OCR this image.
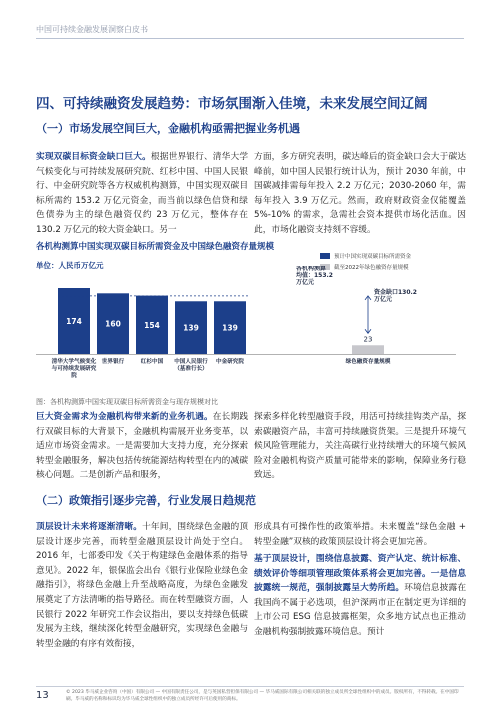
中国可持续金融发展洞察白皮书
四、可持续融资发展趋势：市场氛围渐入佳境，未来发展空间辽阔
（一）市场发展空间巨大，金融机构亟需把握业务机遇
实现双碳目标资金缺口巨大。根据世界银行、清华大学气候变化与可持续发展研究院、红杉中国、中国人民银行、中金研究院等各方权威机构测算，中国实现双碳目标所需约 153.2 万亿元资金，而当前以绿色信贷和绿色债券为主的绿色融资仅约 23 万亿元，整体存在 130.2 万亿元的较大资金缺口。另一
方面，多方研究表明，碳达峰后的资金缺口会大于碳达峰前，如中国人民银行统计认为，预计 2030 年前，中国碳减排需每年投入 2.2 万亿元；2030-2060 年，需每年投入 3.9 万亿元。然而，政府财政资金仅能覆盖 5%-10% 的需求，急需社会资本提供市场化活血。因此，市场化融资支持刻不容缓。
各机构测算中国实现双碳目标所需资金及中国绿色融资存量规模
单位：人民币万亿元
预计中国实现双碳目标所需资金
截至2022年绿色融资存量规模
174	160	154	139	139
各机构测算均值：153.2 万亿元
23
资金缺口130.2 万亿元
清华大学气候变化与可持续发展研究院
世界银行	红杉中国 中国人民银行（基准行长）
中金研究院	绿色融资存量规模
图：各机构测算中国实现双碳目标所需资金与现存规模对比
巨大资金需求为金融机构带来新的业务机遇。在长期践行双碳目标的大背景下，金融机构需展开业务变革，以适应市场资金需求。一是需要加大支持力度，充分探索转型金融服务，解决包括传统能源结构转型在内的减碳核心问题。二是创新产品和服务，
探索多样化转型融资手段，用活可持续挂钩类产品，探索碳融资产品，丰富可持续融资货架。三是提升环境气候风险管理能力，关注高碳行业持续增大的环境气候风险对金融机构资产质量可能带来的影响，保障业务行稳致远。
（二）政策指引逐步完善，行业发展日趋规范
顶层设计未来将逐渐清晰。十年间，围绕绿色金融的顶层设计逐步完善，而转型金融顶层设计尚处于空白。2016 年，七部委印发《关于构建绿色金融体系的指导意见》。2022 年，银保监会出台《银行业保险业绿色金融指引》，将绿色金融上升至战略高度，为绿色金融发展奠定了方法清晰的指导路径。而在转型融资方面，人民银行 2022 年研究工作会议指出，要以支持绿色低碳发展为主线，继续深化转型金融研究，实现绿色金融与转型金融的有序有效衔接，
形成具有可操作性的政策举措。未来覆盖“绿色金融 + 转型金融”双核的政策顶层设计将会更加完善。
基于顶层设计，围绕信息披露、资产认定、统计标准、绩效评价等细项管理政策体系将会更加完善。一是信息披露统一规范，强制披露呈大势所趋。环境信息披露在我国尚不属于必选项，但沪深两市正在制定更为详细的上市公司 ESG 信息披露框架，众多地方试点也正推动金融机构强制披露环境信息。预计
13	© 2023 毕马威企业咨询（中国）有限公司 — 中国有限责任公司，是与英国私营担保有限公司 — 毕马威国际有限公司相关联的独立成员所全球性组织中的成员。版权所有，不得转载。在中国印刷。毕马威的名称和标识均为毕马威全球性组织中的独立成员所经许可后使用的商标。
